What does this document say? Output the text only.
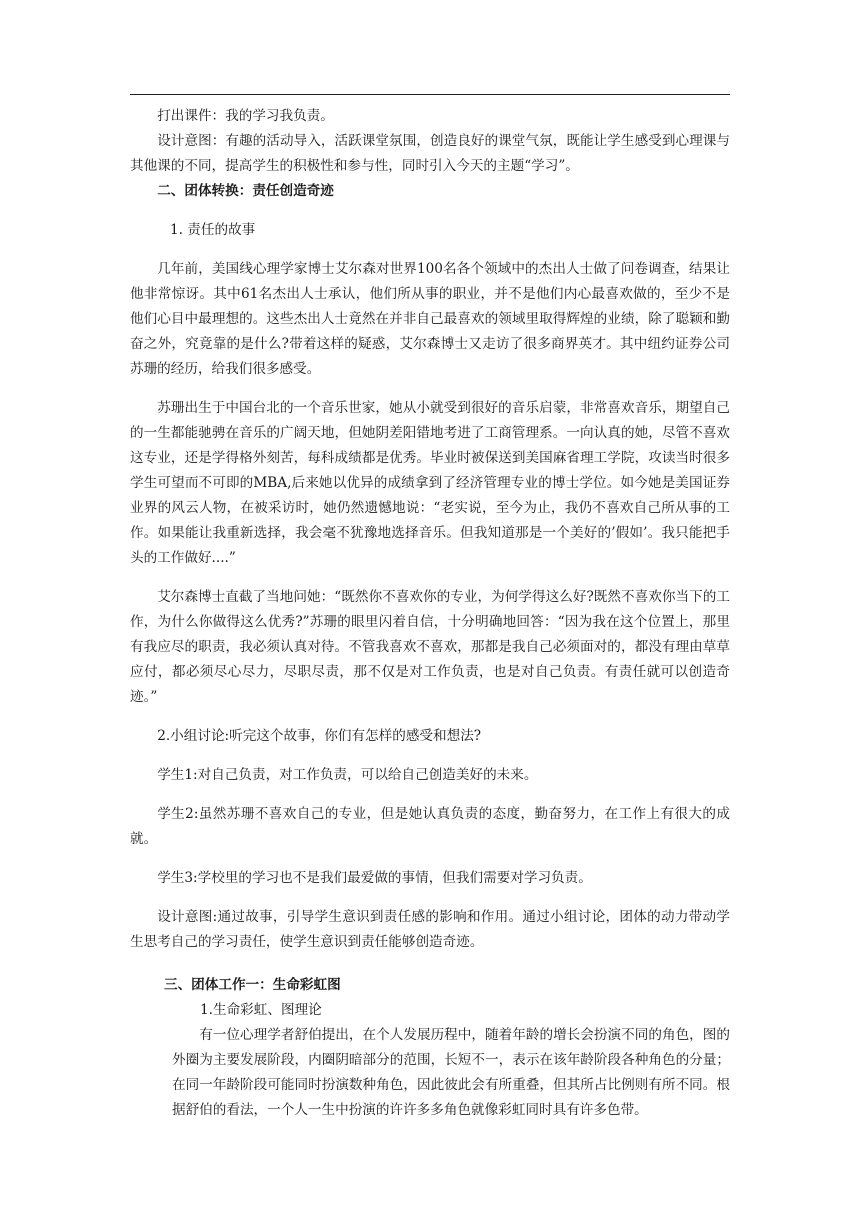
打出课件：我的学习我负责。

设计意图：有趣的活动导入，活跃课堂氛围，创造良好的课堂气氛，既能让学生感受到心理课与其他课的不同，提高学生的积极性和参与性，同时引入今天的主题“学习”。

二、团体转换：责任创造奇迹

1. 责任的故事

几年前，美国线心理学家博士艾尔森对世界100名各个领域中的杰出人士做了问卷调查，结果让他非常惊讶。其中61名杰出人士承认，他们所从事的职业，并不是他们内心最喜欢做的，至少不是他们心目中最理想的。这些杰出人士竟然在并非自己最喜欢的领域里取得辉煌的业绩，除了聪颖和勤奋之外，究竟靠的是什么?带着这样的疑惑，艾尔森博士又走访了很多商界英才。其中纽约证券公司苏珊的经历，给我们很多感受。

苏珊出生于中国台北的一个音乐世家，她从小就受到很好的音乐启蒙，非常喜欢音乐，期望自己的一生都能驰骋在音乐的广阔天地，但她阴差阳错地考进了工商管理系。一向认真的她，尽管不喜欢这专业，还是学得格外刻苦，每科成绩都是优秀。毕业时被保送到美国麻省理工学院，攻读当时很多学生可望而不可即的MBA,后来她以优异的成绩拿到了经济管理专业的博士学位。如今她是美国证券业界的风云人物，在被采访时，她仍然遗憾地说：“老实说，至今为止，我仍不喜欢自己所从事的工作。如果能让我重新选择，我会毫不犹豫地选择音乐。但我知道那是一个美好的’假如’。我只能把手头的工作做好....”

艾尔森博士直截了当地问她：“既然你不喜欢你的专业，为何学得这么好?既然不喜欢你当下的工作，为什么你做得这么优秀?”苏珊的眼里闪着自信，十分明确地回答：“因为我在这个位置上，那里有我应尽的职责，我必须认真对待。不管我喜欢不喜欢，那都是我自己必须面对的，都没有理由草草应付，都必须尽心尽力，尽职尽责，那不仅是对工作负责，也是对自己负责。有责任就可以创造奇迹。”

2.小组讨论:听完这个故事，你们有怎样的感受和想法?

学生1:对自己负责，对工作负责，可以给自己创造美好的未来。

学生2:虽然苏珊不喜欢自己的专业，但是她认真负责的态度，勤奋努力，在工作上有很大的成就。

学生3:学校里的学习也不是我们最爱做的事情，但我们需要对学习负责。

设计意图:通过故事，引导学生意识到责任感的影响和作用。通过小组讨论，团体的动力带动学生思考自己的学习责任，使学生意识到责任能够创造奇迹。

三、团体工作一：生命彩虹图

1.生命彩虹、图理论

有一位心理学者舒伯提出，在个人发展历程中，随着年龄的增长会扮演不同的角色，图的外圈为主要发展阶段，内圈阴暗部分的范围，长短不一，表示在该年龄阶段各种角色的分量；在同一年龄阶段可能同时扮演数种角色，因此彼此会有所重叠，但其所占比例则有所不同。根据舒伯的看法，一个人一生中扮演的许许多多角色就像彩虹同时具有许多色带。
